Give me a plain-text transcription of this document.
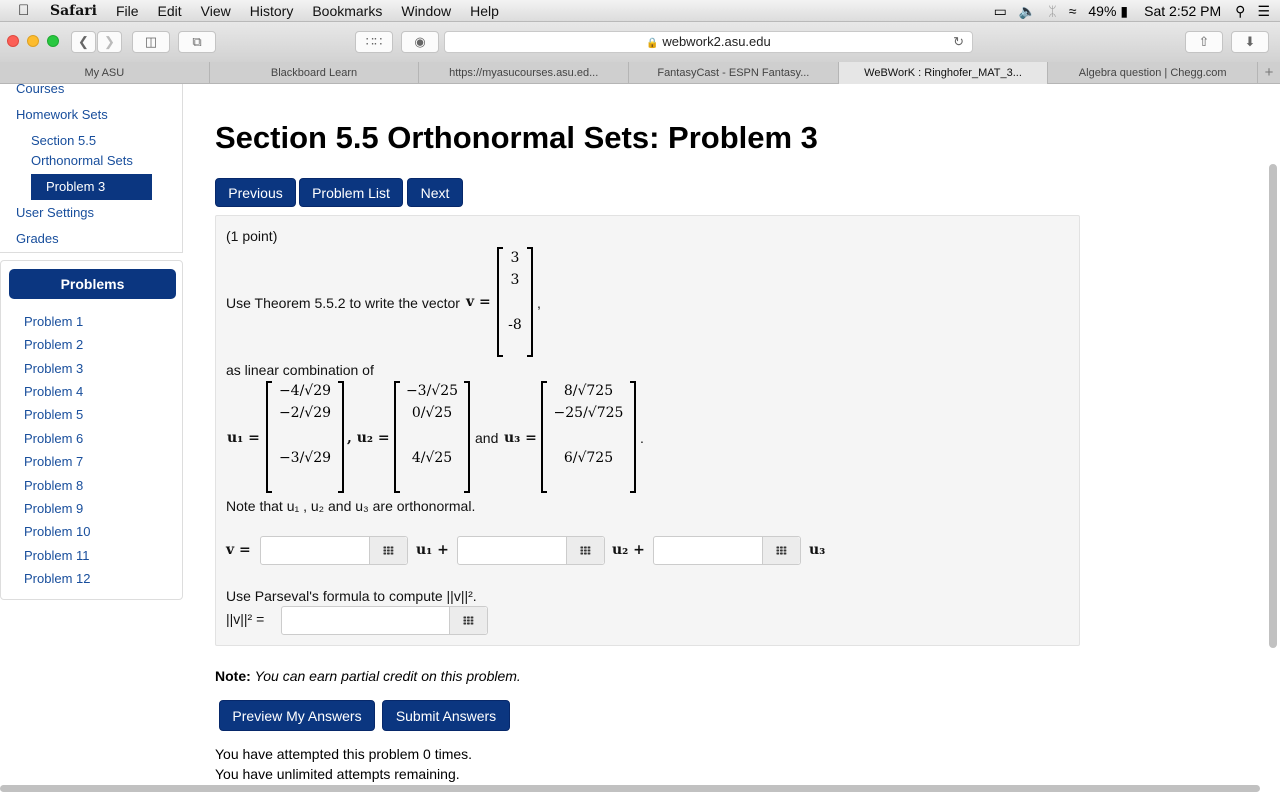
Safari File Edit View History Bookmarks Window Help	▭ 🔈 ᛯ ≈ 49% ▮ Sat 2:52 PM ⚲ ☰
❮	❯	◫	⧉	∷∷	◉	🔒 webwork2.asu.edu	↻	⇧	⬇
My ASU	Blackboard Learn	https://myasucourses.asu.ed...	FantasyCast - ESPN Fantasy...	WeBWorK : Ringhofer_MAT_3...	Algebra question | Chegg.com	+
Courses
Homework Sets
Section 5.5
Orthonormal Sets
Problem 3
User Settings
Grades
Problems
Problem 1
Problem 2
Problem 3
Problem 4
Problem 5
Problem 6
Problem 7
Problem 8
Problem 9
Problem 10
Problem 11
Problem 12
Section 5.5 Orthonormal Sets: Problem 3
Previous	Problem List	Next
(1 point)
Use Theorem 5.5.2 to write the vector v =
3
3
-8
,
as linear combination of
u₁ =
−4/√29
−2/√29
−3/√29
, u₂ =
−3/√25
0/√25
4/√25
and u₃ =
8/√725
−25/√725
6/√725
.
Note that u₁ , u₂ and u₃ are orthonormal.
v =	u₁ +	u₂ +	u₃
Use Parseval's formula to compute ||v||².
||v||² =
Note: You can earn partial credit on this problem.
Preview My Answers	Submit Answers
You have attempted this problem 0 times.
You have unlimited attempts remaining.
